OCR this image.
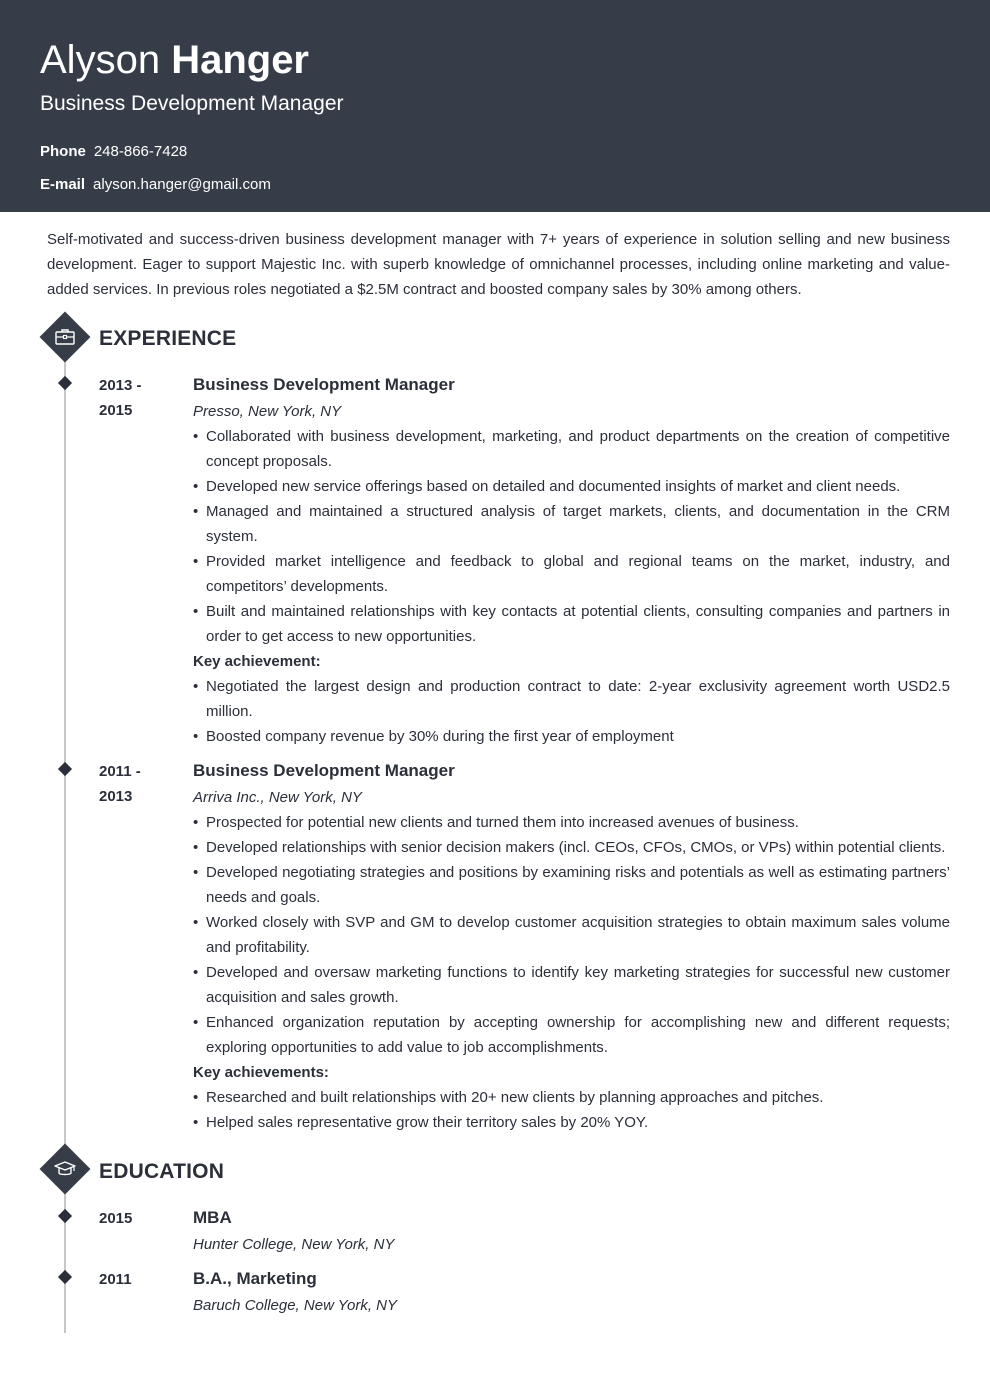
Alyson Hanger
Business Development Manager
Phone 248-866-7428
E-mail alyson.hanger@gmail.com

Self-motivated and success-driven business development manager with 7+ years of experience in solution selling and new business development. Eager to support Majestic Inc. with superb knowledge of omnichannel processes, including online marketing and value-added services. In previous roles negotiated a $2.5M contract and boosted company sales by 30% among others.

EXPERIENCE
2013 -
2015
Business Development Manager
Presso, New York, NY
• Collaborated with business development, marketing, and product departments on the creation of competitive concept proposals.
• Developed new service offerings based on detailed and documented insights of market and client needs.
• Managed and maintained a structured analysis of target markets, clients, and documentation in the CRM system.
• Provided market intelligence and feedback to global and regional teams on the market, industry, and competitors’ developments.
• Built and maintained relationships with key contacts at potential clients, consulting companies and partners in order to get access to new opportunities.
Key achievement:
• Negotiated the largest design and production contract to date: 2-year exclusivity agreement worth USD2.5 million.
• Boosted company revenue by 30% during the first year of employment
2011 -
2013
Business Development Manager
Arriva Inc., New York, NY
• Prospected for potential new clients and turned them into increased avenues of business.
• Developed relationships with senior decision makers (incl. CEOs, CFOs, CMOs, or VPs) within potential clients.
• Developed negotiating strategies and positions by examining risks and potentials as well as estimating partners’ needs and goals.
• Worked closely with SVP and GM to develop customer acquisition strategies to obtain maximum sales volume and profitability.
• Developed and oversaw marketing functions to identify key marketing strategies for successful new customer acquisition and sales growth.
• Enhanced organization reputation by accepting ownership for accomplishing new and different requests; exploring opportunities to add value to job accomplishments.
Key achievements:
• Researched and built relationships with 20+ new clients by planning approaches and pitches.
• Helped sales representative grow their territory sales by 20% YOY.
EDUCATION
2015	MBA
Hunter College, New York, NY
2011	B.A., Marketing
Baruch College, New York, NY
